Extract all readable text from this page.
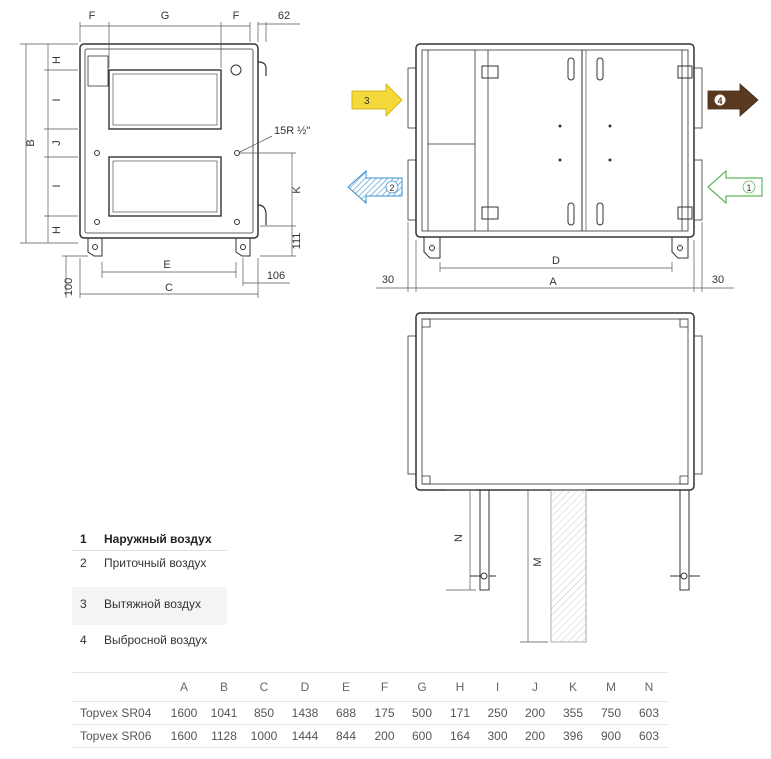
F	G	F	62
B
H
I
J
I
H
15R ½"
K
111
E
C
106
100
D
A
30	30
3	4
2	1
N
M
1 Наружный воздух
2 Приточный воздух
3 Вытяжной воздух
4 Выбросной воздух
	A	B	C	D	E	F	G	H	I	J	K	M	N
Topvex SR04	1600	1041	850	1438	688	175	500	171	250	200	355	750	603
Topvex SR06	1600	1128	1000	1444	844	200	600	164	300	200	396	900	603
